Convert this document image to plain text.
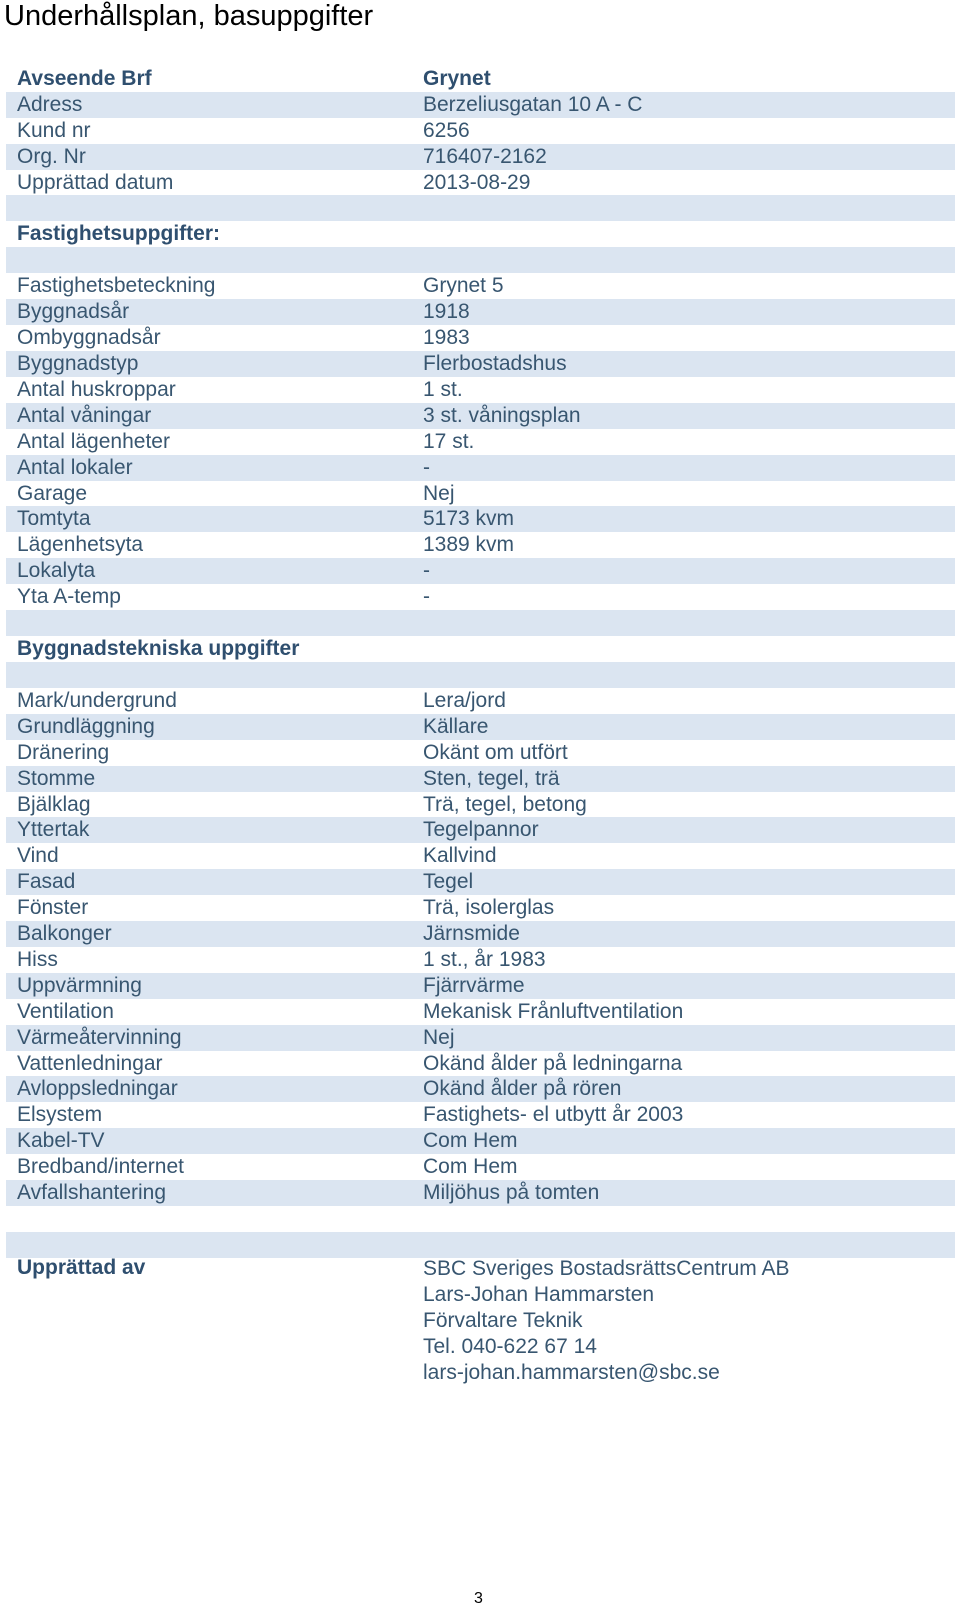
Underhållsplan, basuppgifter
Avseende Brf	Grynet
Adress	Berzeliusgatan 10 A - C
Kund nr	6256
Org. Nr	716407-2162
Upprättad datum	2013-08-29
Fastighetsuppgifter:
Fastighetsbeteckning	Grynet 5
Byggnadsår	1918
Ombyggnadsår	1983
Byggnadstyp	Flerbostadshus
Antal huskroppar	1 st.
Antal våningar	3 st. våningsplan
Antal lägenheter	17 st.
Antal lokaler	-
Garage	Nej
Tomtyta	5173 kvm
Lägenhetsyta	1389 kvm
Lokalyta	-
Yta A-temp	-
Byggnadstekniska uppgifter
Mark/undergrund	Lera/jord
Grundläggning	Källare
Dränering	Okänt om utfört
Stomme	Sten, tegel, trä
Bjälklag	Trä, tegel, betong
Yttertak	Tegelpannor
Vind	Kallvind
Fasad	Tegel
Fönster	Trä, isolerglas
Balkonger	Järnsmide
Hiss	1 st., år 1983
Uppvärmning	Fjärrvärme
Ventilation	Mekanisk Frånluftventilation
Värmeåtervinning	Nej
Vattenledningar	Okänd ålder på ledningarna
Avloppsledningar	Okänd ålder på rören
Elsystem	Fastighets- el utbytt år 2003
Kabel-TV	Com Hem
Bredband/internet	Com Hem
Avfallshantering	Miljöhus på tomten
Upprättad av	SBC Sveriges BostadsrättsCentrum AB
Lars-Johan Hammarsten
Förvaltare Teknik
Tel. 040-622 67 14
lars-johan.hammarsten@sbc.se
3
